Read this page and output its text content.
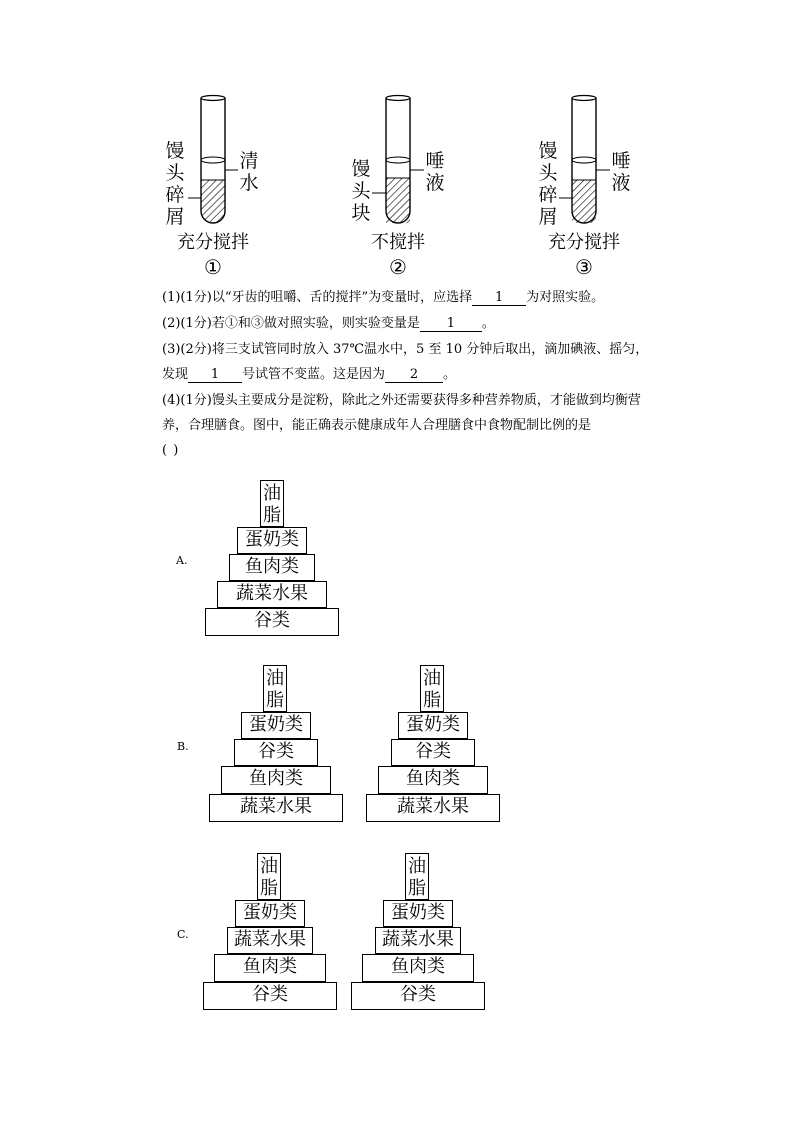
馒头碎屑
清水
充分搅拌
①
馒头块
唾液
不搅拌
②
馒头碎屑
唾液
充分搅拌
③
(1)(1分)以“牙齿的咀嚼、舌的搅拌”为变量时，应选择 1 为对照实验。
(2)(1分)若①和③做对照实验，则实验变量是 1 。
(3)(2分)将三支试管同时放入 37℃温水中，5 至 10 分钟后取出，滴加碘液、摇匀，
发现 1 号试管不变蓝。这是因为 2 。
(4)(1分)馒头主要成分是淀粉，除此之外还需要获得多种营养物质，才能做到均衡营
养，合理膳食。图中，能正确表示健康成年人合理膳食中食物配制比例的是
( )
A.
B.
C.
油脂
蛋奶类
鱼肉类
蔬菜水果
谷类
油脂
蛋奶类
谷类
鱼肉类
蔬菜水果
油脂
蛋奶类
谷类
鱼肉类
蔬菜水果
油脂
蛋奶类
蔬菜水果
鱼肉类
谷类
油脂
蛋奶类
蔬菜水果
鱼肉类
谷类
